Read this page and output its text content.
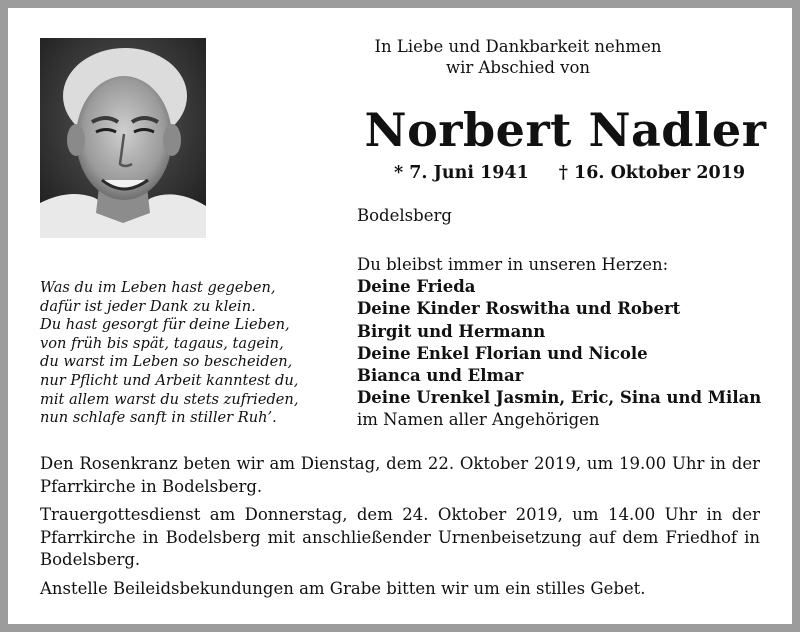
Was du im Leben hast gegeben,
dafür ist jeder Dank zu klein.
Du hast gesorgt für deine Lieben,
von früh bis spät, tagaus, tagein,
du warst im Leben so bescheiden,
nur Pflicht und Arbeit kanntest du,
mit allem warst du stets zufrieden,
nun schlafe sanft in stiller Ruh’.
In Liebe und Dankbarkeit nehmen
wir Abschied von
Norbert Nadler
* 7. Juni 1941 † 16. Oktober 2019
Bodelsberg
Du bleibst immer in unseren Herzen:
Deine Frieda
Deine Kinder Roswitha und Robert
Birgit und Hermann
Deine Enkel Florian und Nicole
Bianca und Elmar
Deine Urenkel Jasmin, Eric, Sina und Milan
im Namen aller Angehörigen

Den Rosenkranz beten wir am Dienstag, dem 22. Oktober 2019, um 19.00 Uhr in der Pfarrkirche in Bodelsberg.

Trauergottesdienst am Donnerstag, dem 24. Oktober 2019, um 14.00 Uhr in der Pfarrkirche in Bodelsberg mit anschließender Urnenbeisetzung auf dem Friedhof in Bodelsberg.

Anstelle Beileidsbekundungen am Grabe bitten wir um ein stilles Gebet.
